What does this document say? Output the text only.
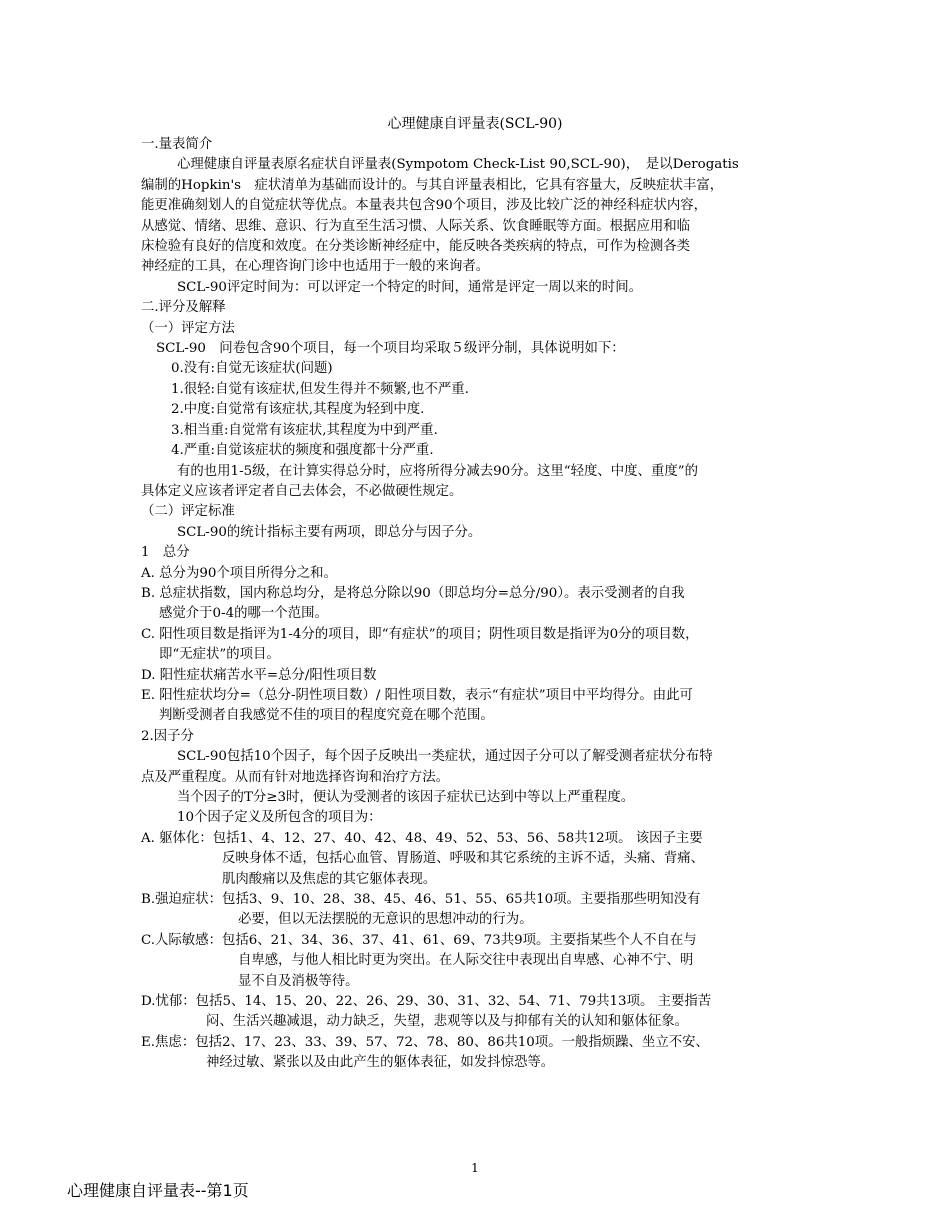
心理健康自评量表(SCL-90)

一.量表简介

心理健康自评量表原名症状自评量表(Sympotom Check-List 90,SCL-90)，　是以Derogatis

编制的Hopkin's　症状清单为基础而设计的。与其自评量表相比，它具有容量大，反映症状丰富，

能更准确刻划人的自觉症状等优点。本量表共包含90个项目，涉及比较广泛的神经科症状内容，

从感觉、情绪、思维、意识、行为直至生活习惯、人际关系、饮食睡眠等方面。根据应用和临

床检验有良好的信度和效度。在分类诊断神经症中，能反映各类疾病的特点，可作为检测各类

神经症的工具，在心理咨询门诊中也适用于一般的来询者。

SCL-90评定时间为：可以评定一个特定的时间，通常是评定一周以来的时间。

二.评分及解释

（一）评定方法

SCL-90　问卷包含90个项目，每一个项目均采取５级评分制，具体说明如下：

0.没有:自觉无该症状(问题)

1.很轻:自觉有该症状,但发生得并不频繁,也不严重.

2.中度:自觉常有该症状,其程度为轻到中度.

3.相当重:自觉常有该症状,其程度为中到严重.

4.严重:自觉该症状的频度和强度都十分严重.

有的也用1-5级，在计算实得总分时，应将所得分减去90分。这里“轻度、中度、重度”的

具体定义应该者评定者自己去体会，不必做硬性规定。

（二）评定标准

SCL-90的统计指标主要有两项，即总分与因子分。

1　总分

A. 总分为90个项目所得分之和。

B. 总症状指数，国内称总均分，是将总分除以90（即总均分=总分/90）。表示受测者的自我

感觉介于0-4的哪一个范围。

C. 阳性项目数是指评为1-4分的项目，即“有症状”的项目；阴性项目数是指评为0分的项目数，

即“无症状”的项目。

D. 阳性症状痛苦水平=总分/阳性项目数

E. 阳性症状均分=（总分-阴性项目数）/ 阳性项目数，表示“有症状”项目中平均得分。由此可

判断受测者自我感觉不佳的项目的程度究竟在哪个范围。

2.因子分

SCL-90包括10个因子，每个因子反映出一类症状，通过因子分可以了解受测者症状分布特

点及严重程度。从而有针对地选择咨询和治疗方法。

当个因子的T分≥3时，便认为受测者的该因子症状已达到中等以上严重程度。

10个因子定义及所包含的项目为：

A. 躯体化：包括1、4、12、27、40、42、48、49、52、53、56、58共12项。 该因子主要

反映身体不适，包括心血管、胃肠道、呼吸和其它系统的主诉不适，头痛、背痛、

肌肉酸痛以及焦虑的其它躯体表现。

B.强迫症状：包括3、9、10、28、38、45、46、51、55、65共10项。主要指那些明知没有

必要，但以无法摆脱的无意识的思想冲动的行为。

C.人际敏感：包括6、21、34、36、37、41、61、69、73共9项。主要指某些个人不自在与

自卑感，与他人相比时更为突出。在人际交往中表现出自卑感、心神不宁、明

显不自及消极等待。

D.忧郁：包括5、14、15、20、22、26、29、30、31、32、54、71、79共13项。 主要指苦

闷、生活兴趣减退，动力缺乏，失望，悲观等以及与抑郁有关的认知和躯体征象。

E.焦虑：包括2、17、23、33、39、57、72、78、80、86共10项。一般指烦躁、坐立不安、

神经过敏、紧张以及由此产生的躯体表征，如发抖惊恐等。

1
心理健康自评量表--第1页
